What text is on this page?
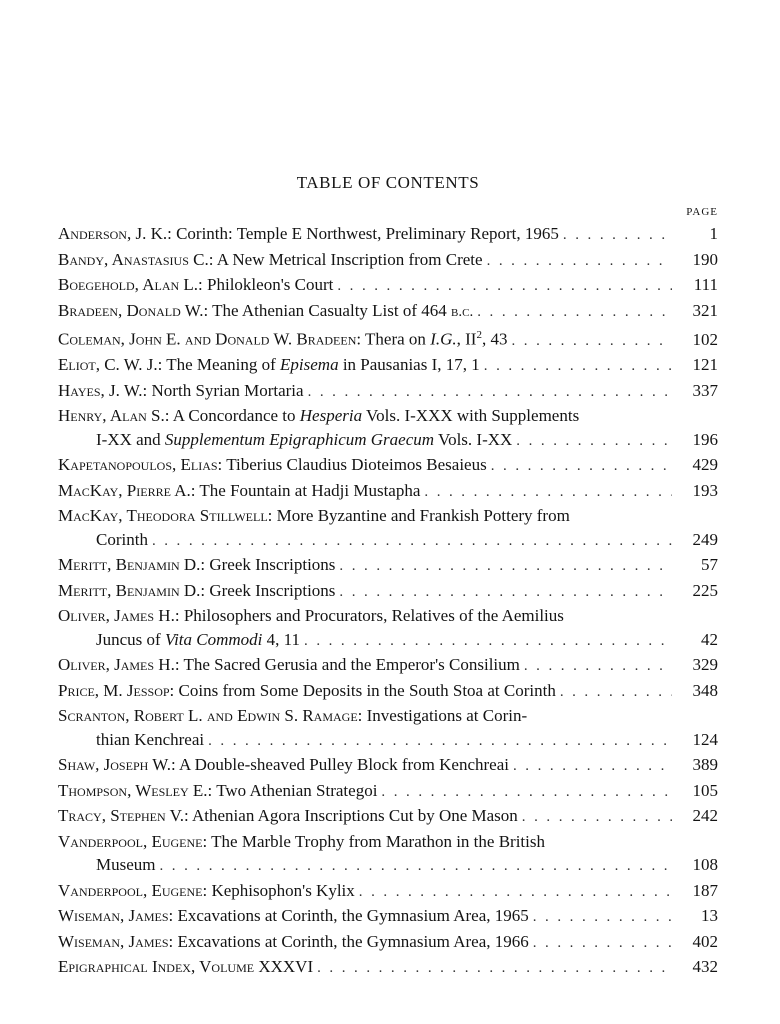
TABLE OF CONTENTS
PAGE
Anderson, J. K.: Corinth: Temple E Northwest, Preliminary Report, 1965 . . .	1
Bandy, Anastasius C.: A New Metrical Inscription from Crete . . .	190
Boegehold, Alan L.: Philokleon's Court . . .	111
Bradeen, Donald W.: The Athenian Casualty List of 464 b.c. . . .	321
Coleman, John E. and Donald W. Bradeen: Thera on I.G., $II^2$, 43 . . .	102
Eliot, C. W. J.: The Meaning of Episema in Pausanias I, 17, 1 . . .	121
Hayes, J. W.: North Syrian Mortaria . . .	337
Henry, Alan S.: A Concordance to Hesperia Vols. I-XXX with Supplements
I-XX and Supplementum Epigraphicum Graecum Vols. I-XX . . .	196
Kapetanopoulos, Elias: Tiberius Claudius Dioteimos Besaieus . . .	429
MacKay, Pierre A.: The Fountain at Hadji Mustapha . . .	193
MacKay, Theodora Stillwell: More Byzantine and Frankish Pottery from
Corinth . . .	249
Meritt, Benjamin D.: Greek Inscriptions . . .	57
Meritt, Benjamin D.: Greek Inscriptions . . .	225
Oliver, James H.: Philosophers and Procurators, Relatives of the Aemilius
Juncus of Vita Commodi 4, 11 . . .	42
Oliver, James H.: The Sacred Gerusia and the Emperor's Consilium . . .	329
Price, M. Jessop: Coins from Some Deposits in the South Stoa at Corinth . . .	348
Scranton, Robert L. and Edwin S. Ramage: Investigations at Corin-
thian Kenchreai . . .	124
Shaw, Joseph W.: A Double-sheaved Pulley Block from Kenchreai . . .	389
Thompson, Wesley E.: Two Athenian Strategoi . . .	105
Tracy, Stephen V.: Athenian Agora Inscriptions Cut by One Mason . . .	242
Vanderpool, Eugene: The Marble Trophy from Marathon in the British
Museum . . .	108
Vanderpool, Eugene: Kephisophon's Kylix . . .	187
Wiseman, James: Excavations at Corinth, the Gymnasium Area, 1965 . . .	13
Wiseman, James: Excavations at Corinth, the Gymnasium Area, 1966 . . .	402
Epigraphical Index, Volume XXXVI . . .	432
